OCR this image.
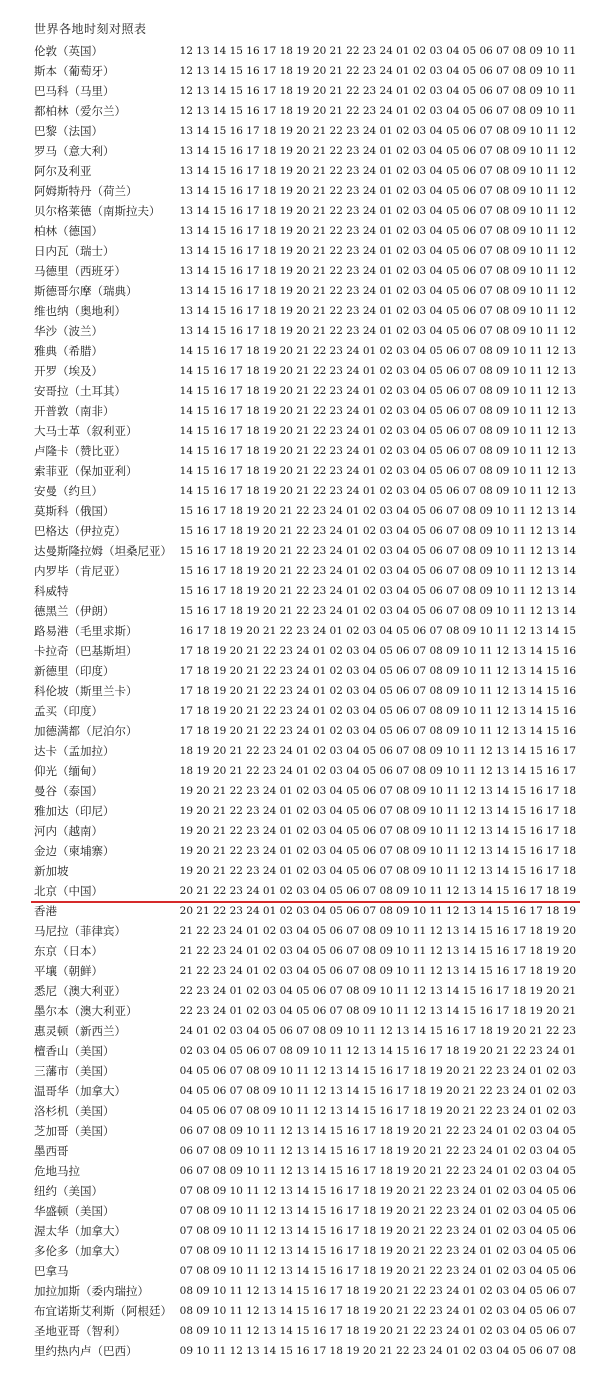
世界各地时刻对照表
伦敦（英国）	12 13 14 15 16 17 18 19 20 21 22 23 24 01 02 03 04 05 06 07 08 09 10 11
斯本（葡萄牙）	12 13 14 15 16 17 18 19 20 21 22 23 24 01 02 03 04 05 06 07 08 09 10 11
巴马科（马里）	12 13 14 15 16 17 18 19 20 21 22 23 24 01 02 03 04 05 06 07 08 09 10 11
都柏林（爱尔兰）	12 13 14 15 16 17 18 19 20 21 22 23 24 01 02 03 04 05 06 07 08 09 10 11
巴黎（法国）	13 14 15 16 17 18 19 20 21 22 23 24 01 02 03 04 05 06 07 08 09 10 11 12
罗马（意大利）	13 14 15 16 17 18 19 20 21 22 23 24 01 02 03 04 05 06 07 08 09 10 11 12
阿尔及利亚	13 14 15 16 17 18 19 20 21 22 23 24 01 02 03 04 05 06 07 08 09 10 11 12
阿姆斯特丹（荷兰）	13 14 15 16 17 18 19 20 21 22 23 24 01 02 03 04 05 06 07 08 09 10 11 12
贝尔格莱德（南斯拉夫）	13 14 15 16 17 18 19 20 21 22 23 24 01 02 03 04 05 06 07 08 09 10 11 12
柏林（德国）	13 14 15 16 17 18 19 20 21 22 23 24 01 02 03 04 05 06 07 08 09 10 11 12
日内瓦（瑞士）	13 14 15 16 17 18 19 20 21 22 23 24 01 02 03 04 05 06 07 08 09 10 11 12
马德里（西班牙）	13 14 15 16 17 18 19 20 21 22 23 24 01 02 03 04 05 06 07 08 09 10 11 12
斯德哥尔摩（瑞典）	13 14 15 16 17 18 19 20 21 22 23 24 01 02 03 04 05 06 07 08 09 10 11 12
维也纳（奥地利）	13 14 15 16 17 18 19 20 21 22 23 24 01 02 03 04 05 06 07 08 09 10 11 12
华沙（波兰）	13 14 15 16 17 18 19 20 21 22 23 24 01 02 03 04 05 06 07 08 09 10 11 12
雅典（希腊）	14 15 16 17 18 19 20 21 22 23 24 01 02 03 04 05 06 07 08 09 10 11 12 13
开罗（埃及）	14 15 16 17 18 19 20 21 22 23 24 01 02 03 04 05 06 07 08 09 10 11 12 13
安哥拉（土耳其）	14 15 16 17 18 19 20 21 22 23 24 01 02 03 04 05 06 07 08 09 10 11 12 13
开普敦（南非）	14 15 16 17 18 19 20 21 22 23 24 01 02 03 04 05 06 07 08 09 10 11 12 13
大马士革（叙利亚）	14 15 16 17 18 19 20 21 22 23 24 01 02 03 04 05 06 07 08 09 10 11 12 13
卢隆卡（赞比亚）	14 15 16 17 18 19 20 21 22 23 24 01 02 03 04 05 06 07 08 09 10 11 12 13
索菲亚（保加亚利）	14 15 16 17 18 19 20 21 22 23 24 01 02 03 04 05 06 07 08 09 10 11 12 13
安曼（约旦）	14 15 16 17 18 19 20 21 22 23 24 01 02 03 04 05 06 07 08 09 10 11 12 13
莫斯科（俄国）	15 16 17 18 19 20 21 22 23 24 01 02 03 04 05 06 07 08 09 10 11 12 13 14
巴格达（伊拉克）	15 16 17 18 19 20 21 22 23 24 01 02 03 04 05 06 07 08 09 10 11 12 13 14
达曼斯隆拉姆（坦桑尼亚） 15 16 17 18 19 20 21 22 23 24 01 02 03 04 05 06 07 08 09 10 11 12 13 14
内罗毕（肯尼亚）	15 16 17 18 19 20 21 22 23 24 01 02 03 04 05 06 07 08 09 10 11 12 13 14
科威特	15 16 17 18 19 20 21 22 23 24 01 02 03 04 05 06 07 08 09 10 11 12 13 14
德黑兰（伊朗）	15 16 17 18 19 20 21 22 23 24 01 02 03 04 05 06 07 08 09 10 11 12 13 14
路易港（毛里求斯）	16 17 18 19 20 21 22 23 24 01 02 03 04 05 06 07 08 09 10 11 12 13 14 15
卡拉奇（巴基斯坦）	17 18 19 20 21 22 23 24 01 02 03 04 05 06 07 08 09 10 11 12 13 14 15 16
新德里（印度）	17 18 19 20 21 22 23 24 01 02 03 04 05 06 07 08 09 10 11 12 13 14 15 16
科伦坡（斯里兰卡）	17 18 19 20 21 22 23 24 01 02 03 04 05 06 07 08 09 10 11 12 13 14 15 16
孟买（印度）	17 18 19 20 21 22 23 24 01 02 03 04 05 06 07 08 09 10 11 12 13 14 15 16
加德满都（尼泊尔）	17 18 19 20 21 22 23 24 01 02 03 04 05 06 07 08 09 10 11 12 13 14 15 16
达卡（孟加拉）	18 19 20 21 22 23 24 01 02 03 04 05 06 07 08 09 10 11 12 13 14 15 16 17
仰光（缅甸）	18 19 20 21 22 23 24 01 02 03 04 05 06 07 08 09 10 11 12 13 14 15 16 17
曼谷（泰国）	19 20 21 22 23 24 01 02 03 04 05 06 07 08 09 10 11 12 13 14 15 16 17 18
雅加达（印尼）	19 20 21 22 23 24 01 02 03 04 05 06 07 08 09 10 11 12 13 14 15 16 17 18
河内（越南）	19 20 21 22 23 24 01 02 03 04 05 06 07 08 09 10 11 12 13 14 15 16 17 18
金边（柬埔寨）	19 20 21 22 23 24 01 02 03 04 05 06 07 08 09 10 11 12 13 14 15 16 17 18
新加坡	19 20 21 22 23 24 01 02 03 04 05 06 07 08 09 10 11 12 13 14 15 16 17 18
北京（中国）	20 21 22 23 24 01 02 03 04 05 06 07 08 09 10 11 12 13 14 15 16 17 18 19
香港	20 21 22 23 24 01 02 03 04 05 06 07 08 09 10 11 12 13 14 15 16 17 18 19
马尼拉（菲律宾）	21 22 23 24 01 02 03 04 05 06 07 08 09 10 11 12 13 14 15 16 17 18 19 20
东京（日本）	21 22 23 24 01 02 03 04 05 06 07 08 09 10 11 12 13 14 15 16 17 18 19 20
平壤（朝鲜）	21 22 23 24 01 02 03 04 05 06 07 08 09 10 11 12 13 14 15 16 17 18 19 20
悉尼（澳大利亚）	22 23 24 01 02 03 04 05 06 07 08 09 10 11 12 13 14 15 16 17 18 19 20 21
墨尔本（澳大利亚）	22 23 24 01 02 03 04 05 06 07 08 09 10 11 12 13 14 15 16 17 18 19 20 21
惠灵顿（新西兰）	24 01 02 03 04 05 06 07 08 09 10 11 12 13 14 15 16 17 18 19 20 21 22 23
檀香山（美国）	02 03 04 05 06 07 08 09 10 11 12 13 14 15 16 17 18 19 20 21 22 23 24 01
三藩市（美国）	04 05 06 07 08 09 10 11 12 13 14 15 16 17 18 19 20 21 22 23 24 01 02 03
温哥华（加拿大）	04 05 06 07 08 09 10 11 12 13 14 15 16 17 18 19 20 21 22 23 24 01 02 03
洛杉机（美国）	04 05 06 07 08 09 10 11 12 13 14 15 16 17 18 19 20 21 22 23 24 01 02 03
芝加哥（美国）	06 07 08 09 10 11 12 13 14 15 16 17 18 19 20 21 22 23 24 01 02 03 04 05
墨西哥	06 07 08 09 10 11 12 13 14 15 16 17 18 19 20 21 22 23 24 01 02 03 04 05
危地马拉	06 07 08 09 10 11 12 13 14 15 16 17 18 19 20 21 22 23 24 01 02 03 04 05
纽约（美国）	07 08 09 10 11 12 13 14 15 16 17 18 19 20 21 22 23 24 01 02 03 04 05 06
华盛顿（美国）	07 08 09 10 11 12 13 14 15 16 17 18 19 20 21 22 23 24 01 02 03 04 05 06
渥太华（加拿大）	07 08 09 10 11 12 13 14 15 16 17 18 19 20 21 22 23 24 01 02 03 04 05 06
多伦多（加拿大）	07 08 09 10 11 12 13 14 15 16 17 18 19 20 21 22 23 24 01 02 03 04 05 06
巴拿马	07 08 09 10 11 12 13 14 15 16 17 18 19 20 21 22 23 24 01 02 03 04 05 06
加拉加斯（委内瑞拉）	08 09 10 11 12 13 14 15 16 17 18 19 20 21 22 23 24 01 02 03 04 05 06 07
布宜诺斯艾利斯（阿根廷） 08 09 10 11 12 13 14 15 16 17 18 19 20 21 22 23 24 01 02 03 04 05 06 07
圣地亚哥（智利）	08 09 10 11 12 13 14 15 16 17 18 19 20 21 22 23 24 01 02 03 04 05 06 07
里约热内卢（巴西）	09 10 11 12 13 14 15 16 17 18 19 20 21 22 23 24 01 02 03 04 05 06 07 08
